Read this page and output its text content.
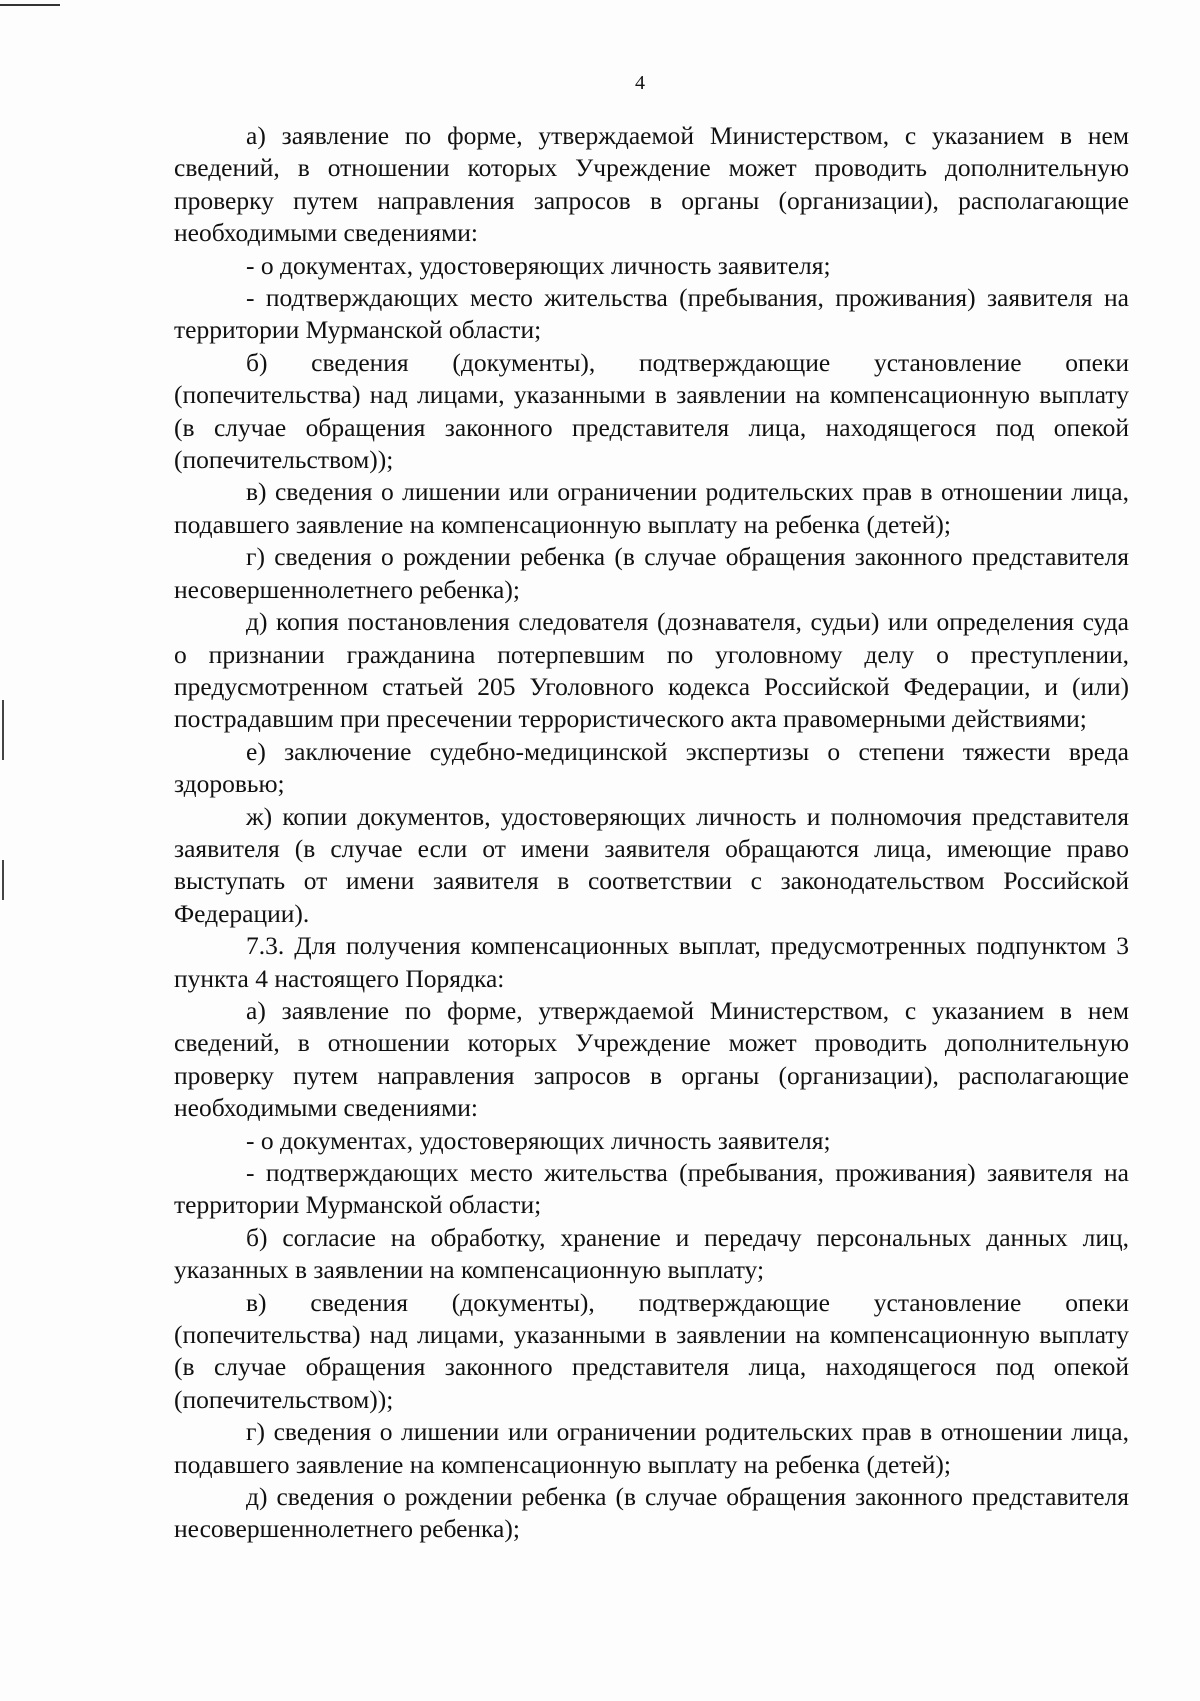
4

а) заявление по форме, утверждаемой Министерством, с указанием в нем сведений, в отношении которых Учреждение может проводить дополнительную проверку путем направления запросов в органы (организации), располагающие необходимыми сведениями:

- о документах, удостоверяющих личность заявителя;

- подтверждающих место жительства (пребывания, проживания) заявителя на территории Мурманской области;

б) сведения (документы), подтверждающие установление опеки (попечительства) над лицами, указанными в заявлении на компенсационную выплату (в случае обращения законного представителя лица, находящегося под опекой (попечительством));

в) сведения о лишении или ограничении родительских прав в отношении лица, подавшего заявление на компенсационную выплату на ребенка (детей);

г) сведения о рождении ребенка (в случае обращения законного представителя несовершеннолетнего ребенка);

д) копия постановления следователя (дознавателя, судьи) или определения суда о признании гражданина потерпевшим по уголовному делу о преступлении, предусмотренном статьей 205 Уголовного кодекса Российской Федерации, и (или) пострадавшим при пресечении террористического акта правомерными действиями;

е) заключение судебно-медицинской экспертизы о степени тяжести вреда здоровью;

ж) копии документов, удостоверяющих личность и полномочия представителя заявителя (в случае если от имени заявителя обращаются лица, имеющие право выступать от имени заявителя в соответствии с законодательством Российской Федерации).

7.3. Для получения компенсационных выплат, предусмотренных подпунктом 3 пункта 4 настоящего Порядка:

а) заявление по форме, утверждаемой Министерством, с указанием в нем сведений, в отношении которых Учреждение может проводить дополнительную проверку путем направления запросов в органы (организации), располагающие необходимыми сведениями:

- о документах, удостоверяющих личность заявителя;

- подтверждающих место жительства (пребывания, проживания) заявителя на территории Мурманской области;

б) согласие на обработку, хранение и передачу персональных данных лиц, указанных в заявлении на компенсационную выплату;

в) сведения (документы), подтверждающие установление опеки (попечительства) над лицами, указанными в заявлении на компенсационную выплату (в случае обращения законного представителя лица, находящегося под опекой (попечительством));

г) сведения о лишении или ограничении родительских прав в отношении лица, подавшего заявление на компенсационную выплату на ребенка (детей);

д) сведения о рождении ребенка (в случае обращения законного представителя несовершеннолетнего ребенка);
